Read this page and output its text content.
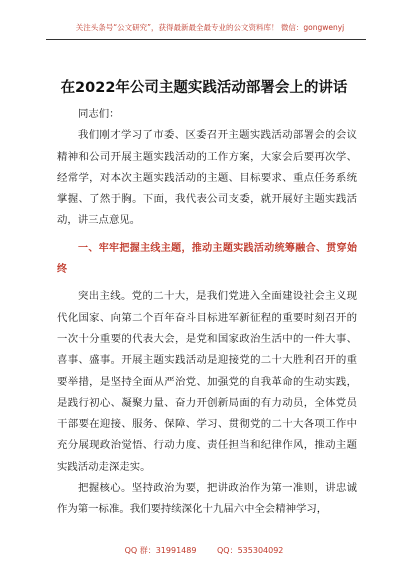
关注头条号“公文研究”，获得最新最全最专业的公文资料库！ 微信：gongwenyj
在2022年公司主题实践活动部署会上的讲话

同志们：

我们刚才学习了市委、区委召开主题实践活动部署会的会议精神和公司开展主题实践活动的工作方案，大家会后要再次学、经常学，对本次主题实践活动的主题、目标要求、重点任务系统掌握、了然于胸。下面，我代表公司支委，就开展好主题实践活动，讲三点意见。

一、牢牢把握主线主题，推动主题实践活动统筹融合、贯穿始终

突出主线。党的二十大，是我们党进入全面建设社会主义现代化国家、向第二个百年奋斗目标进军新征程的重要时刻召开的一次十分重要的代表大会，是党和国家政治生活中的一件大事、喜事、盛事。开展主题实践活动是迎接党的二十大胜利召开的重要举措，是坚持全面从严治党、加强党的自我革命的生动实践，是践行初心、凝聚力量、奋力开创新局面的有力动员，全体党员干部要在迎接、服务、保障、学习、贯彻党的二十大各项工作中充分展现政治觉悟、行动力度、责任担当和纪律作风，推动主题实践活动走深走实。

把握核心。坚持政治为要，把讲政治作为第一准则，讲忠诚作为第一标准。我们要持续深化十九届六中全会精神学习，

QQ 群：31991489	QQ：535304092
